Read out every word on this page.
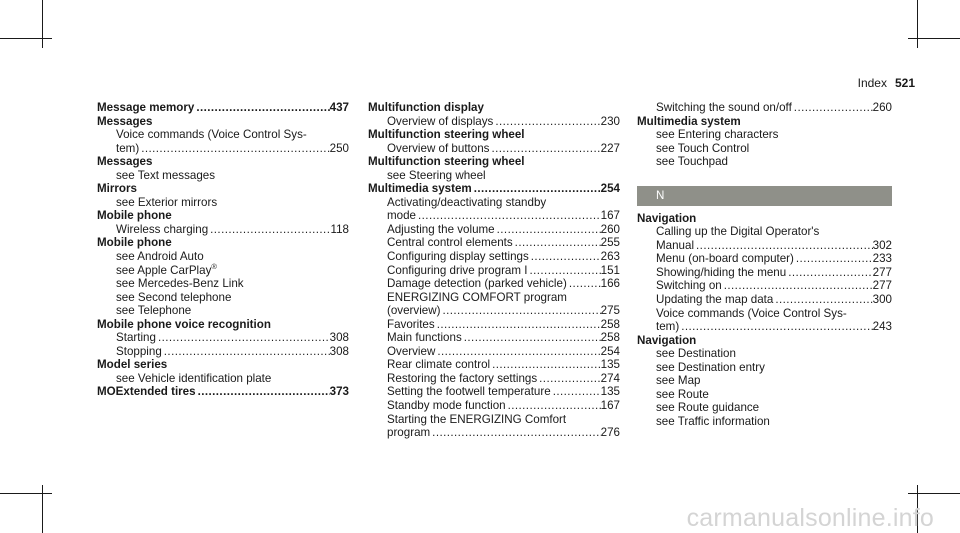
Index 521
Message memory . . .	437
Messages
Voice commands (Voice Control Sys-
tem) . . .	250
Messages
see Text messages
Mirrors
see Exterior mirrors
Mobile phone
Wireless charging . . .	118
Mobile phone
see Android Auto
see Apple CarPlay®
see Mercedes-Benz Link
see Second telephone
see Telephone
Mobile phone voice recognition
Starting . . .	308
Stopping . . .	308
Model series
see Vehicle identification plate
MOExtended tires . . .	373
Multifunction display
Overview of displays . . .	230
Multifunction steering wheel
Overview of buttons . . .	227
Multifunction steering wheel
see Steering wheel
Multimedia system . . .	254
Activating/deactivating standby
mode . . .	167
Adjusting the volume . . .	260
Central control elements . . .	255
Configuring display settings . . .	263
Configuring drive program I . . .	151
Damage detection (parked vehicle) . . .	166
ENERGIZING COMFORT program
(overview) . . .	275
Favorites . . .	258
Main functions . . .	258
Overview . . .	254
Rear climate control . . .	135
Restoring the factory settings . . .	274
Setting the footwell temperature . . .	135
Standby mode function . . .	167
Starting the ENERGIZING Comfort
program . . .	276
Switching the sound on/off . . .	260
Multimedia system
see Entering characters
see Touch Control
see Touchpad
N
Navigation
Calling up the Digital Operator's
Manual . . .	302
Menu (on-board computer) . . .	233
Showing/hiding the menu . . .	277
Switching on . . .	277
Updating the map data . . .	300
Voice commands (Voice Control Sys-
tem) . . .	243
Navigation
see Destination
see Destination entry
see Map
see Route
see Route guidance
see Traffic information
carmanualsonline.info
